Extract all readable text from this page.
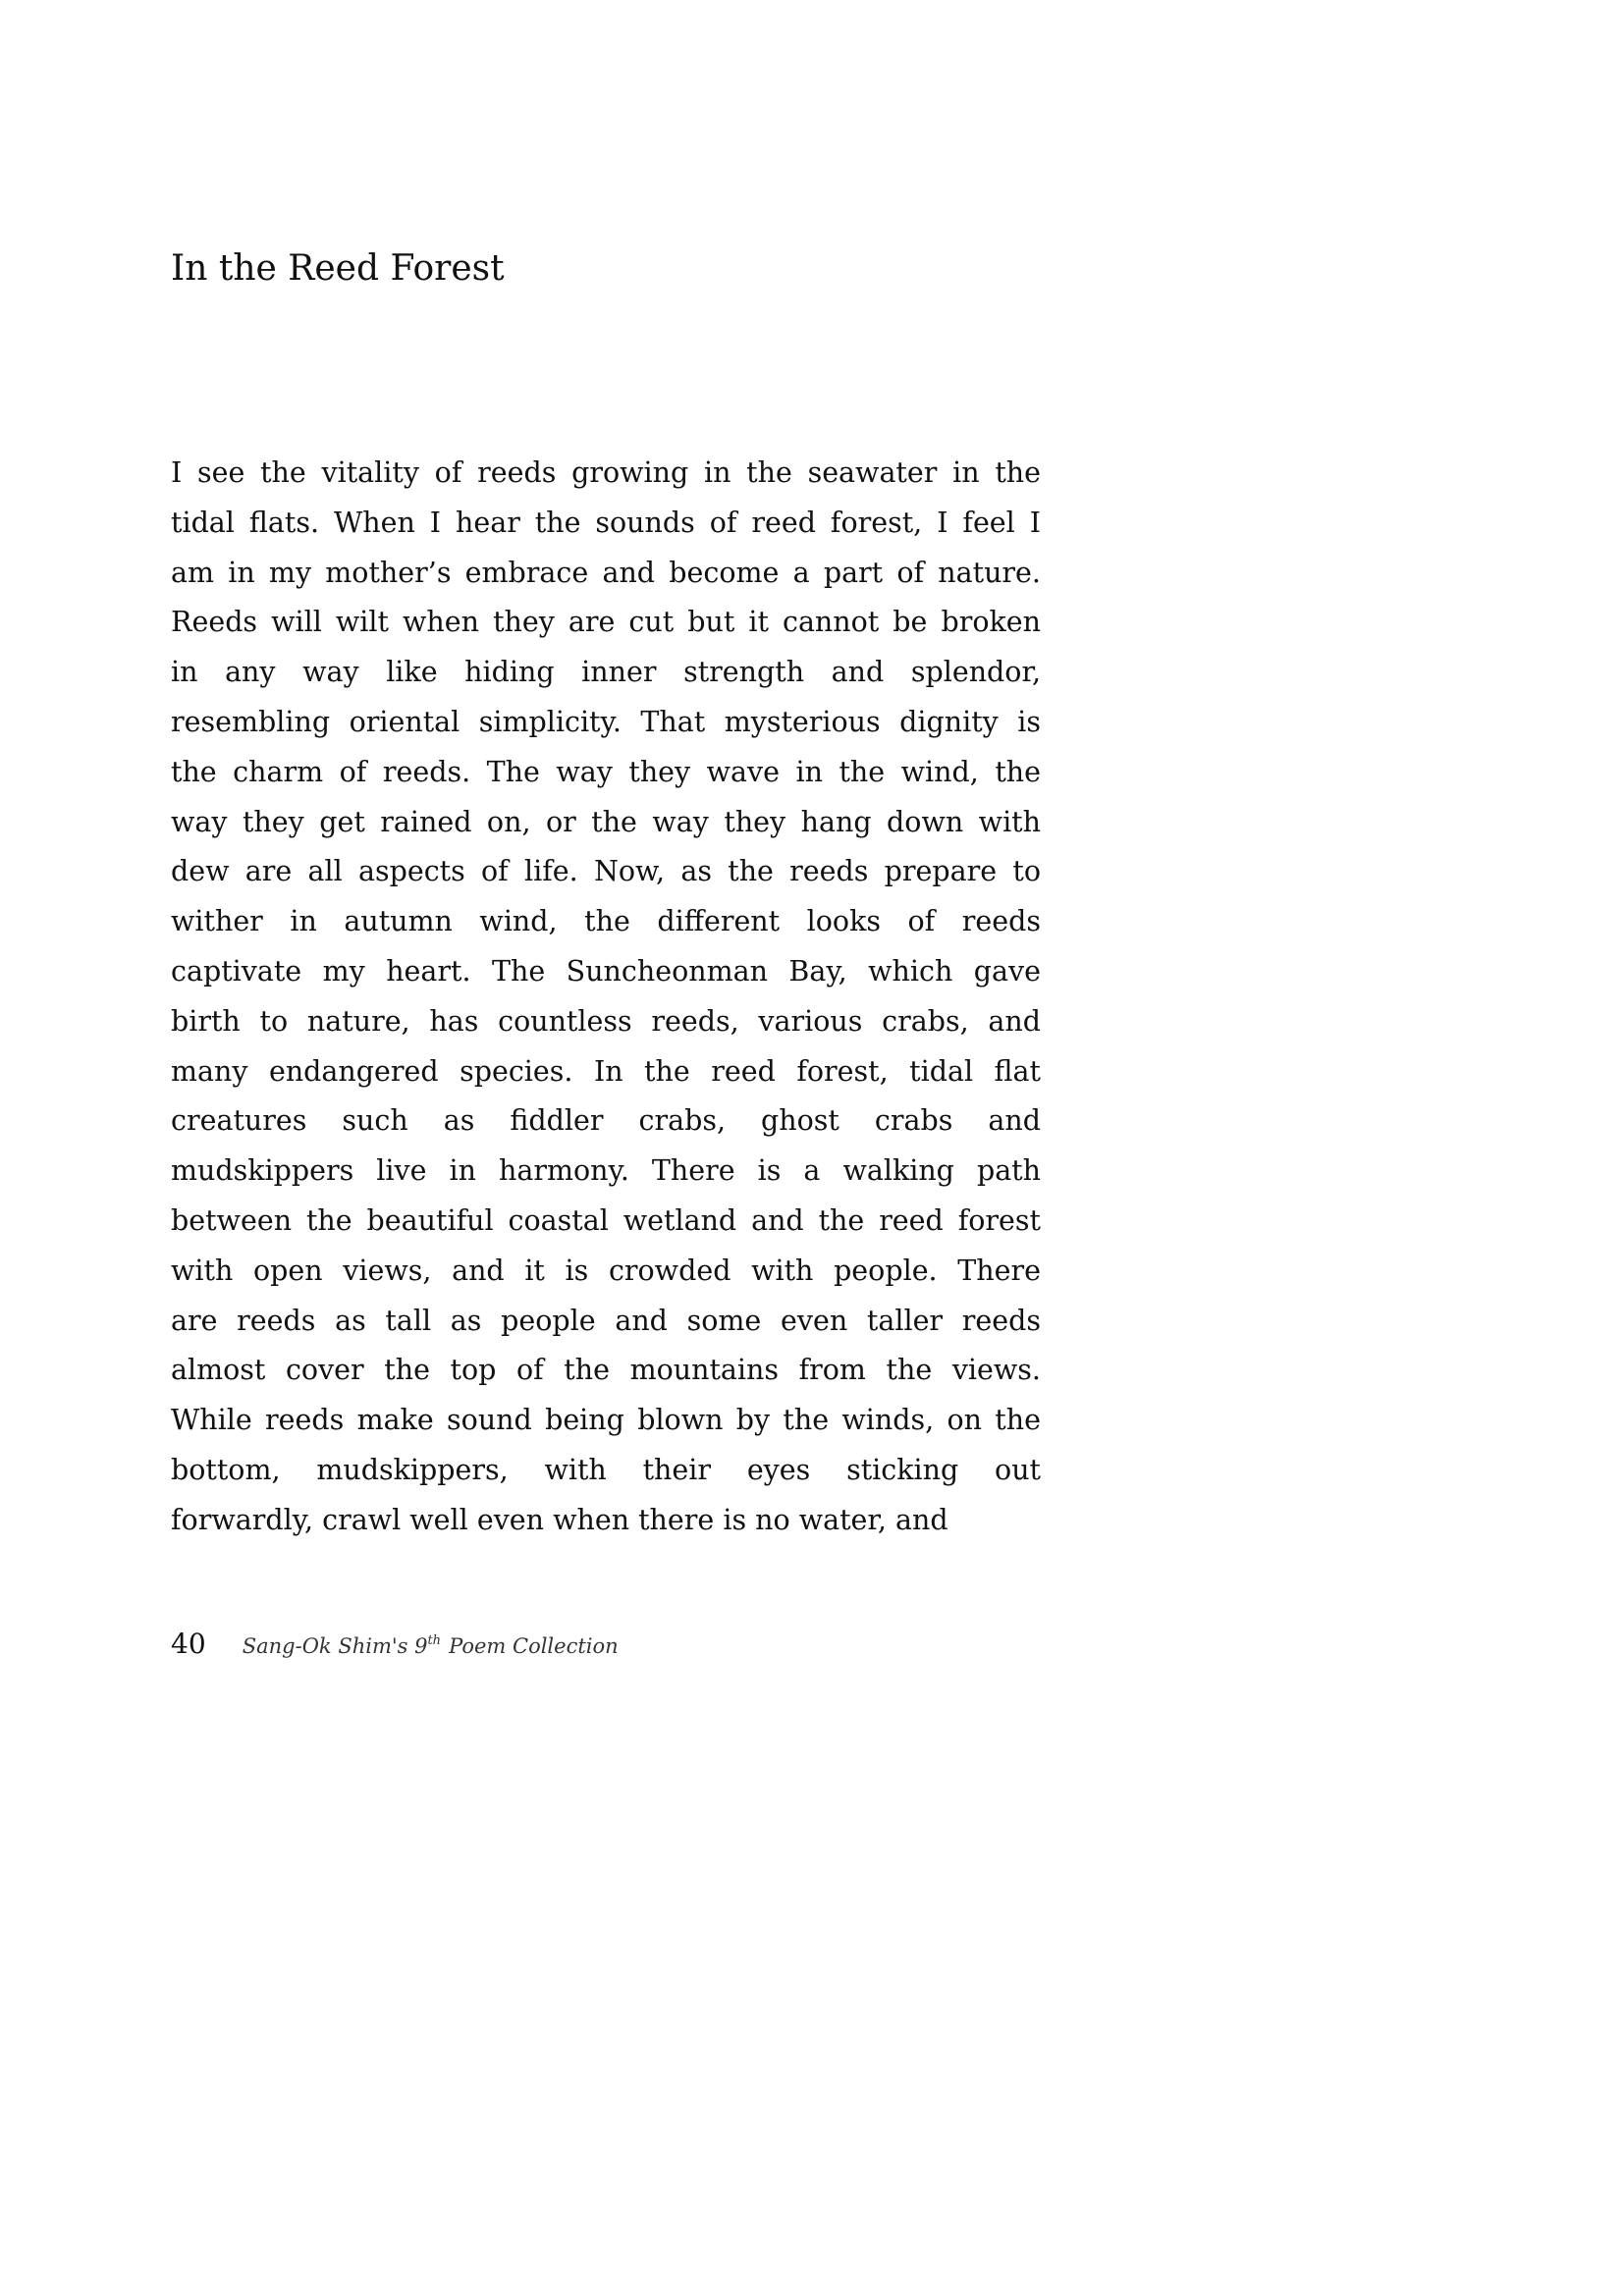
In the Reed Forest
I see the vitality of reeds growing in the seawater in the
tidal flats. When I hear the sounds of reed forest, I feel I
am in my mother’s embrace and become a part of nature.
Reeds will wilt when they are cut but it cannot be broken
in any way like hiding inner strength and splendor,
resembling oriental simplicity. That mysterious dignity is
the charm of reeds. The way they wave in the wind, the
way they get rained on, or the way they hang down with
dew are all aspects of life. Now, as the reeds prepare to
wither in autumn wind, the different looks of reeds
captivate my heart. The Suncheonman Bay, which gave
birth to nature, has countless reeds, various crabs, and
many endangered species. In the reed forest, tidal flat
creatures such as fiddler crabs, ghost crabs and
mudskippers live in harmony. There is a walking path
between the beautiful coastal wetland and the reed forest
with open views, and it is crowded with people. There
are reeds as tall as people and some even taller reeds
almost cover the top of the mountains from the views.
While reeds make sound being blown by the winds, on the
bottom, mudskippers, with their eyes sticking out
forwardly, crawl well even when there is no water, and
40 Sang-Ok Shim's 9th Poem Collection
